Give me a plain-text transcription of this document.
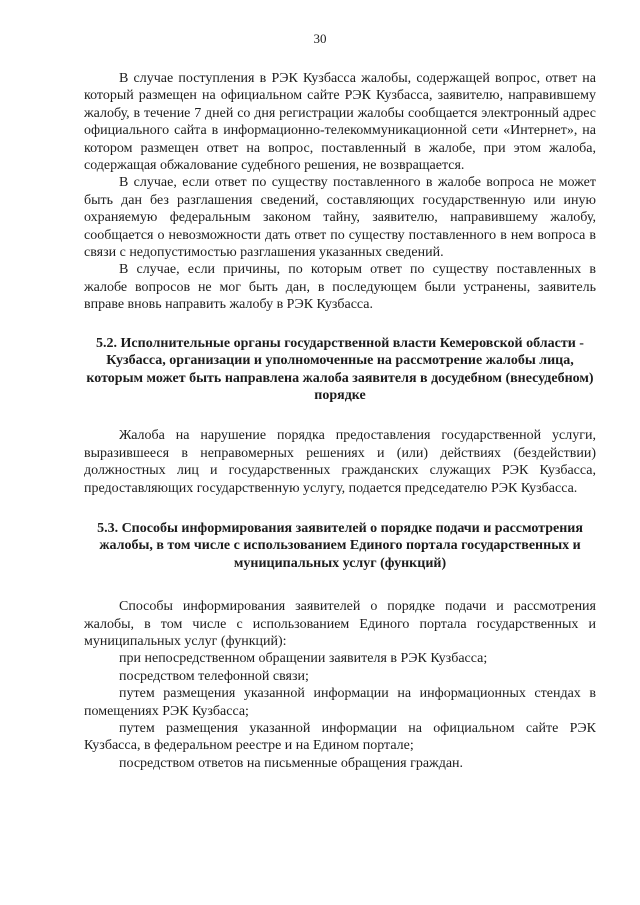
30

В случае поступления в РЭК Кузбасса жалобы, содержащей вопрос, ответ на который размещен на официальном сайте РЭК Кузбасса, заявителю, направившему жалобу, в течение 7 дней со дня регистрации жалобы сообщается электронный адрес официального сайта в информационно-телекоммуникационной сети «Интернет», на котором размещен ответ на вопрос, поставленный в жалобе, при этом жалоба, содержащая обжалование судебного решения, не возвращается.

В случае, если ответ по существу поставленного в жалобе вопроса не может быть дан без разглашения сведений, составляющих государственную или иную охраняемую федеральным законом тайну, заявителю, направившему жалобу, сообщается о невозможности дать ответ по существу поставленного в нем вопроса в связи с недопустимостью разглашения указанных сведений.

В случае, если причины, по которым ответ по существу поставленных в жалобе вопросов не мог быть дан, в последующем были устранены, заявитель вправе вновь направить жалобу в РЭК Кузбасса.

5.2. Исполнительные органы государственной власти Кемеровской области - Кузбасса, организации и уполномоченные на рассмотрение жалобы лица, которым может быть направлена жалоба заявителя в досудебном (внесудебном) порядке

Жалоба на нарушение порядка предоставления государственной услуги, выразившееся в неправомерных решениях и (или) действиях (бездействии) должностных лиц и государственных гражданских служащих РЭК Кузбасса, предоставляющих государственную услугу, подается председателю РЭК Кузбасса.

5.3. Способы информирования заявителей о порядке подачи и рассмотрения жалобы, в том числе с использованием Единого портала государственных и муниципальных услуг (функций)

Способы информирования заявителей о порядке подачи и рассмотрения жалобы, в том числе с использованием Единого портала государственных и муниципальных услуг (функций):

при непосредственном обращении заявителя в РЭК Кузбасса;

посредством телефонной связи;

путем размещения указанной информации на информационных стендах в помещениях РЭК Кузбасса;

путем размещения указанной информации на официальном сайте РЭК Кузбасса, в федеральном реестре и на Едином портале;

посредством ответов на письменные обращения граждан.
